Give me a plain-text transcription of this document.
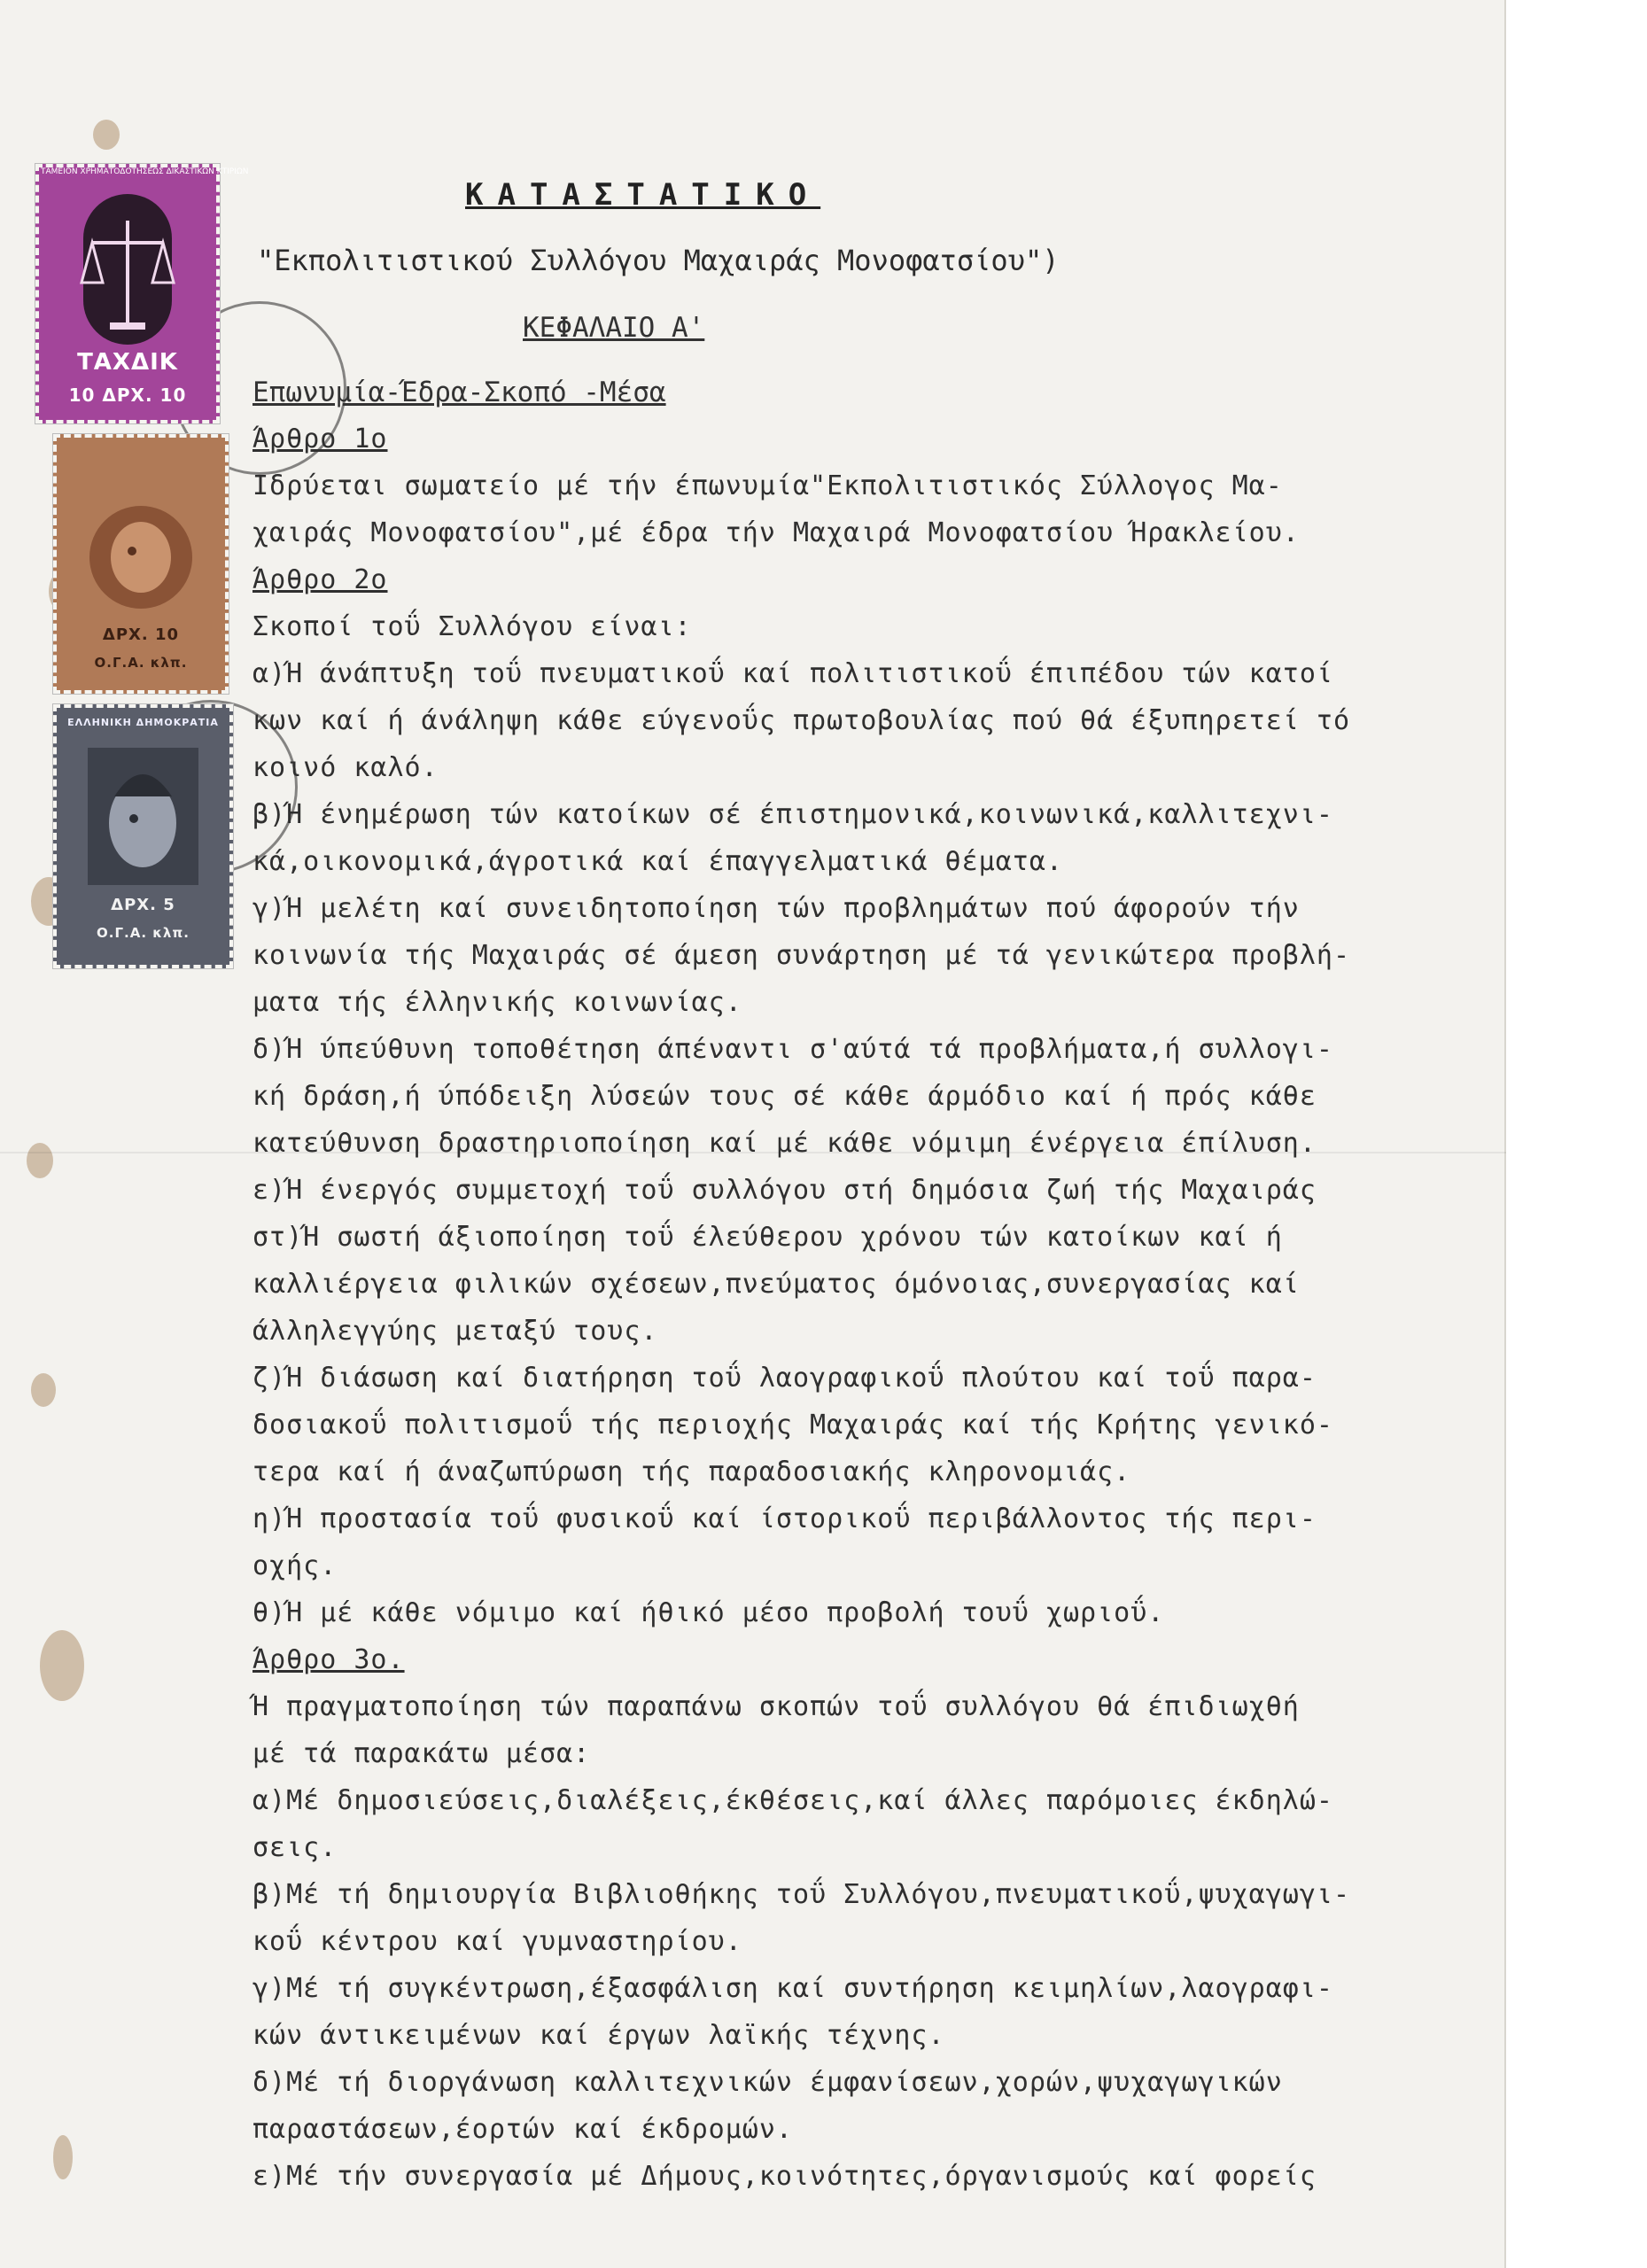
ΤΑΧΔΙΚ
10 ΔΡΧ. 10
ΤΑΜΕΙΟΝ ΧΡΗΜΑΤΟΔΟΤΗΣΕΩΣ ΔΙΚΑΣΤΙΚΩΝ ΚΤΙΡΙΩΝ
ΔΡΧ. 10
Ο.Γ.Α. κλπ.
ΕΛΛΗΝΙΚΗ ΔΗΜΟΚΡΑΤΙΑ
ΔΡΧ. 5
Ο.Γ.Α. κλπ.
ΚΑΤΑΣΤΑΤΙΚΟ
"Εκπολιτιστικού Συλλόγου Μαχαιράς Μονοφατσίου")
ΚΕΦΑΛΑΙΟ Α'
Επωνυμία-Έδρα-Σκοπό -Μέσα
Άρθρο 1ο
Ιδρύεται σωματείο μέ τήν έπωνυμία"Εκπολιτιστικός Σύλλογος Μα-
χαιράς Μονοφατσίου",μέ έδρα τήν Μαχαιρά Μονοφατσίου Ήρακλείου.
Άρθρο 2ο
Σκοποί τοΰ Συλλόγου είναι:
α)Ή άνάπτυξη τοΰ πνευματικοΰ καί πολιτιστικοΰ έπιπέδου τών κατοί
κων καί ή άνάληψη κάθε εύγενοΰς πρωτοβουλίας πού θά έξυπηρετεί τό
κοινό καλό.
β)Ή ένημέρωση τών κατοίκων σέ έπιστημονικά,κοινωνικά,καλλιτεχνι-
κά,οικονομικά,άγροτικά καί έπαγγελματικά θέματα.
γ)Ή μελέτη καί συνειδητοποίηση τών προβλημάτων πού άφορούν τήν
κοινωνία τής Μαχαιράς σέ άμεση συνάρτηση μέ τά γενικώτερα προβλή-
ματα τής έλληνικής κοινωνίας.
δ)Ή ύπεύθυνη τοποθέτηση άπέναντι σ'αύτά τά προβλήματα,ή συλλογι-
κή δράση,ή ύπόδειξη λύσεών τους σέ κάθε άρμόδιο καί ή πρός κάθε
κατεύθυνση δραστηριοποίηση καί μέ κάθε νόμιμη ένέργεια έπίλυση.
ε)Ή ένεργός συμμετοχή τοΰ συλλόγου στή δημόσια ζωή τής Μαχαιράς
στ)Ή σωστή άξιοποίηση τοΰ έλεύθερου χρόνου τών κατοίκων καί ή
καλλιέργεια φιλικών σχέσεων,πνεύματος όμόνοιας,συνεργασίας καί
άλληλεγγύης μεταξύ τους.
ζ)Ή διάσωση καί διατήρηση τοΰ λαογραφικοΰ πλούτου καί τοΰ παρα-
δοσιακοΰ πολιτισμοΰ τής περιοχής Μαχαιράς καί τής Κρήτης γενικό-
τερα καί ή άναζωπύρωση τής παραδοσιακής κληρονομιάς.
η)Ή προστασία τοΰ φυσικοΰ καί ίστορικοΰ περιβάλλοντος τής περι-
οχής.
θ)Ή μέ κάθε νόμιμο καί ήθικό μέσο προβολή τουΰ χωριοΰ.
Άρθρο 3ο.
Ή πραγματοποίηση τών παραπάνω σκοπών τοΰ συλλόγου θά έπιδιωχθή
μέ τά παρακάτω μέσα:
α)Μέ δημοσιεύσεις,διαλέξεις,έκθέσεις,καί άλλες παρόμοιες έκδηλώ-
σεις.
β)Μέ τή δημιουργία Βιβλιοθήκης τοΰ Συλλόγου,πνευματικοΰ,ψυχαγωγι-
κοΰ κέντρου καί γυμναστηρίου.
γ)Μέ τή συγκέντρωση,έξασφάλιση καί συντήρηση κειμηλίων,λαογραφι-
κών άντικειμένων καί έργων λαϊκής τέχνης.
δ)Μέ τή διοργάνωση καλλιτεχνικών έμφανίσεων,χορών,ψυχαγωγικών
παραστάσεων,έορτών καί έκδρομών.
ε)Μέ τήν συνεργασία μέ Δήμους,κοινότητες,όργανισμούς καί φορείς
